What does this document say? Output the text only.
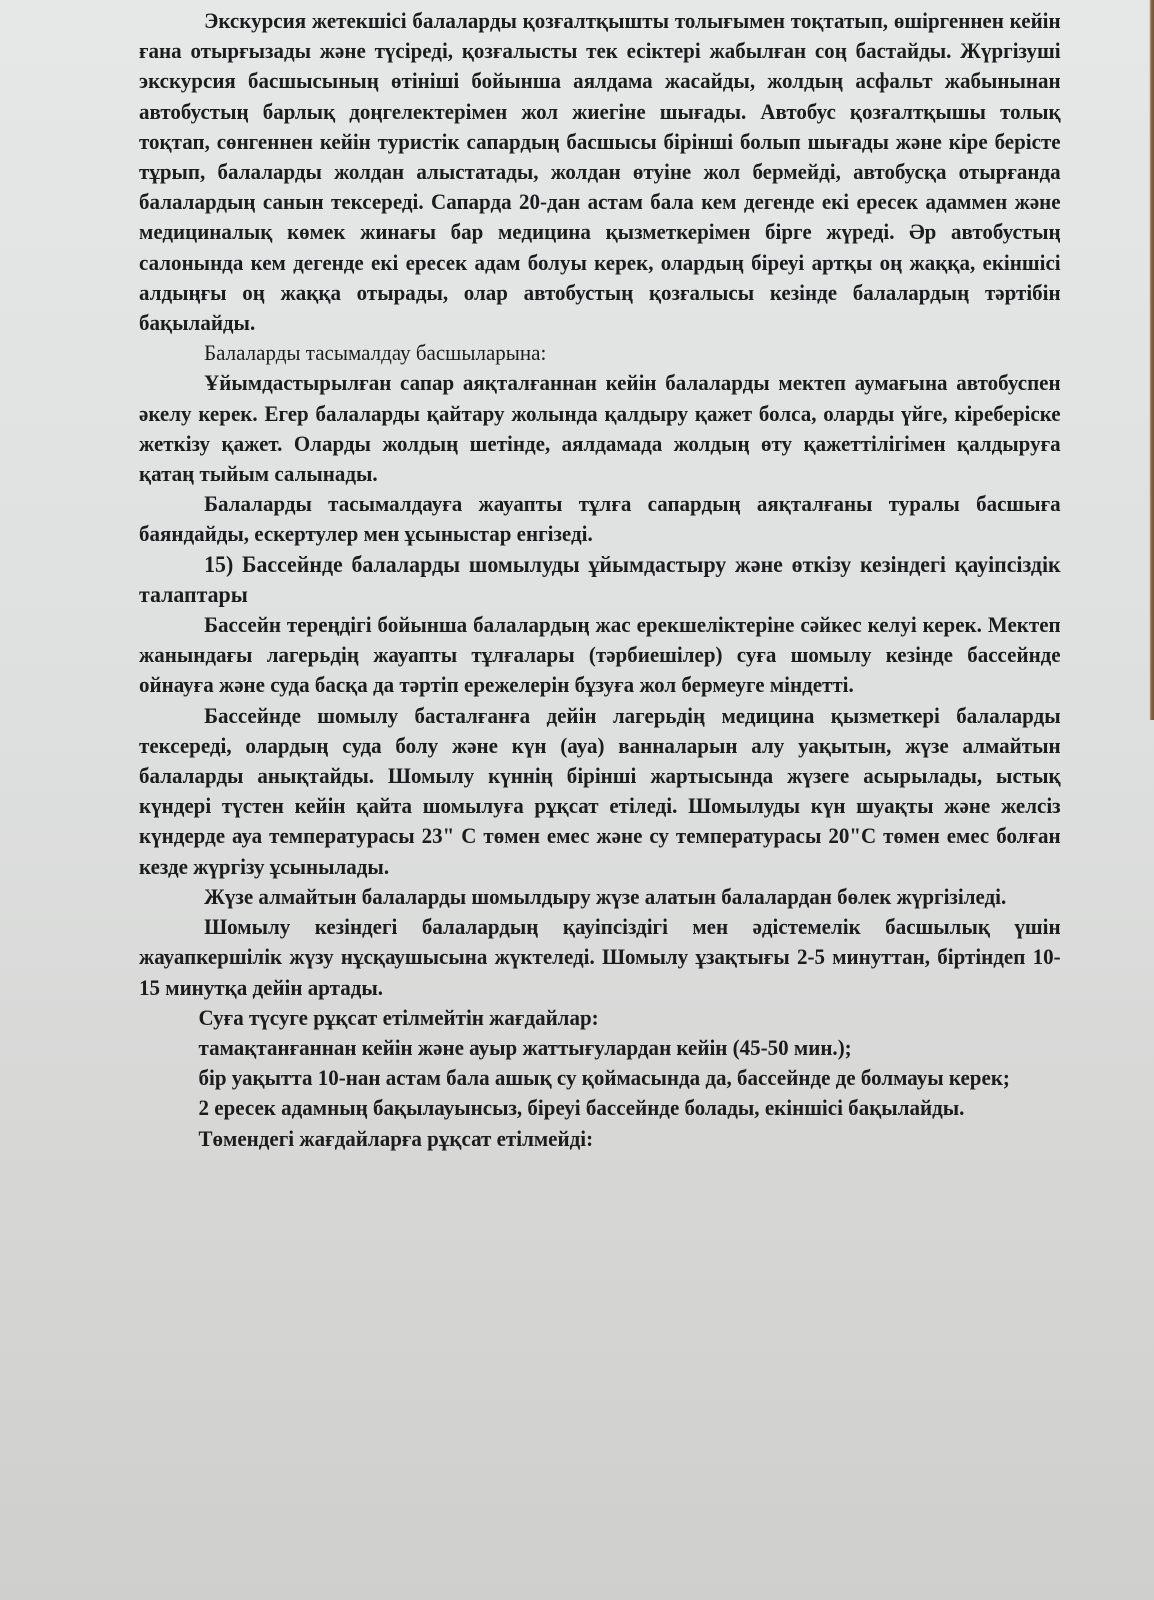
Экскурсия жетекшісі балаларды қозғалтқышты толығымен тоқтатып, өшіргеннен кейін ғана отырғызады және түсіреді, қозғалысты тек есіктері жабылған соң бастайды. Жүргізуші экскурсия басшысының өтініші бойынша аялдама жасайды, жолдың асфальт жабынынан автобустың барлық доңгелектерімен жол жиегіне шығады. Автобус қозғалтқышы толық тоқтап, сөнгеннен кейін туристік сапардың басшысы бірінші болып шығады және кіре берісте тұрып, балаларды жолдан алыстатады, жолдан өтуіне жол бермейді, автобусқа отырғанда балалардың санын тексереді. Сапарда 20-дан астам бала кем дегенде екі ересек адаммен және медициналық көмек жинағы бар медицина қызметкерімен бірге жүреді. Әр автобустың салонында кем дегенде екі ересек адам болуы керек, олардың біреуі артқы оң жаққа, екіншісі алдыңғы оң жаққа отырады, олар автобустың қозғалысы кезінде балалардың тәртібін бақылайды.

Балаларды тасымалдау басшыларына:

Ұйымдастырылған сапар аяқталғаннан кейін балаларды мектеп аумағына автобуспен әкелу керек. Егер балаларды қайтару жолында қалдыру қажет болса, оларды үйге, кіреберіске жеткізу қажет. Оларды жолдың шетінде, аялдамада жолдың өту қажеттілігімен қалдыруға қатаң тыйым салынады.

Балаларды тасымалдауға жауапты тұлға сапардың аяқталғаны туралы басшыға баяндайды, ескертулер мен ұсыныстар енгізеді.

15) Бассейнде балаларды шомылуды ұйымдастыру және өткізу кезіндегі қауіпсіздік талаптары

Бассейн тереңдігі бойынша балалардың жас ерекшеліктеріне сәйкес келуі керек. Мектеп жанындағы лагерьдің жауапты тұлғалары (тәрбиешілер) суға шомылу кезінде бассейнде ойнауға және суда басқа да тәртіп ережелерін бұзуға жол бермеуге міндетті.

Бассейнде шомылу басталғанға дейін лагерьдің медицина қызметкері балаларды тексереді, олардың суда болу және күн (ауа) ванналарын алу уақытын, жүзе алмайтын балаларды анықтайды. Шомылу күннің бірінші жартысында жүзеге асырылады, ыстық күндері түстен кейін қайта шомылуға рұқсат етіледі. Шомылуды күн шуақты және желсіз күндерде ауа температурасы 23" С төмен емес және су температурасы 20"С төмен емес болған кезде жүргізу ұсынылады.

Жүзе алмайтын балаларды шомылдыру жүзе алатын балалардан бөлек жүргізіледі.

Шомылу кезіндегі балалардың қауіпсіздігі мен әдістемелік басшылық үшін жауапкершілік жүзу нұсқаушысына жүктеледі. Шомылу ұзақтығы 2-5 минуттан, біртіндеп 10-15 минутқа дейін артады.

Суға түсуге рұқсат етілмейтін жағдайлар:

тамақтанғаннан кейін және ауыр жаттығулардан кейін (45-50 мин.);

бір уақытта 10-нан астам бала ашық су қоймасында да, бассейнде де болмауы керек;

2 ересек адамның бақылауынсыз, біреуі бассейнде болады, екіншісі бақылайды.

Төмендегі жағдайларға рұқсат етілмейді:
